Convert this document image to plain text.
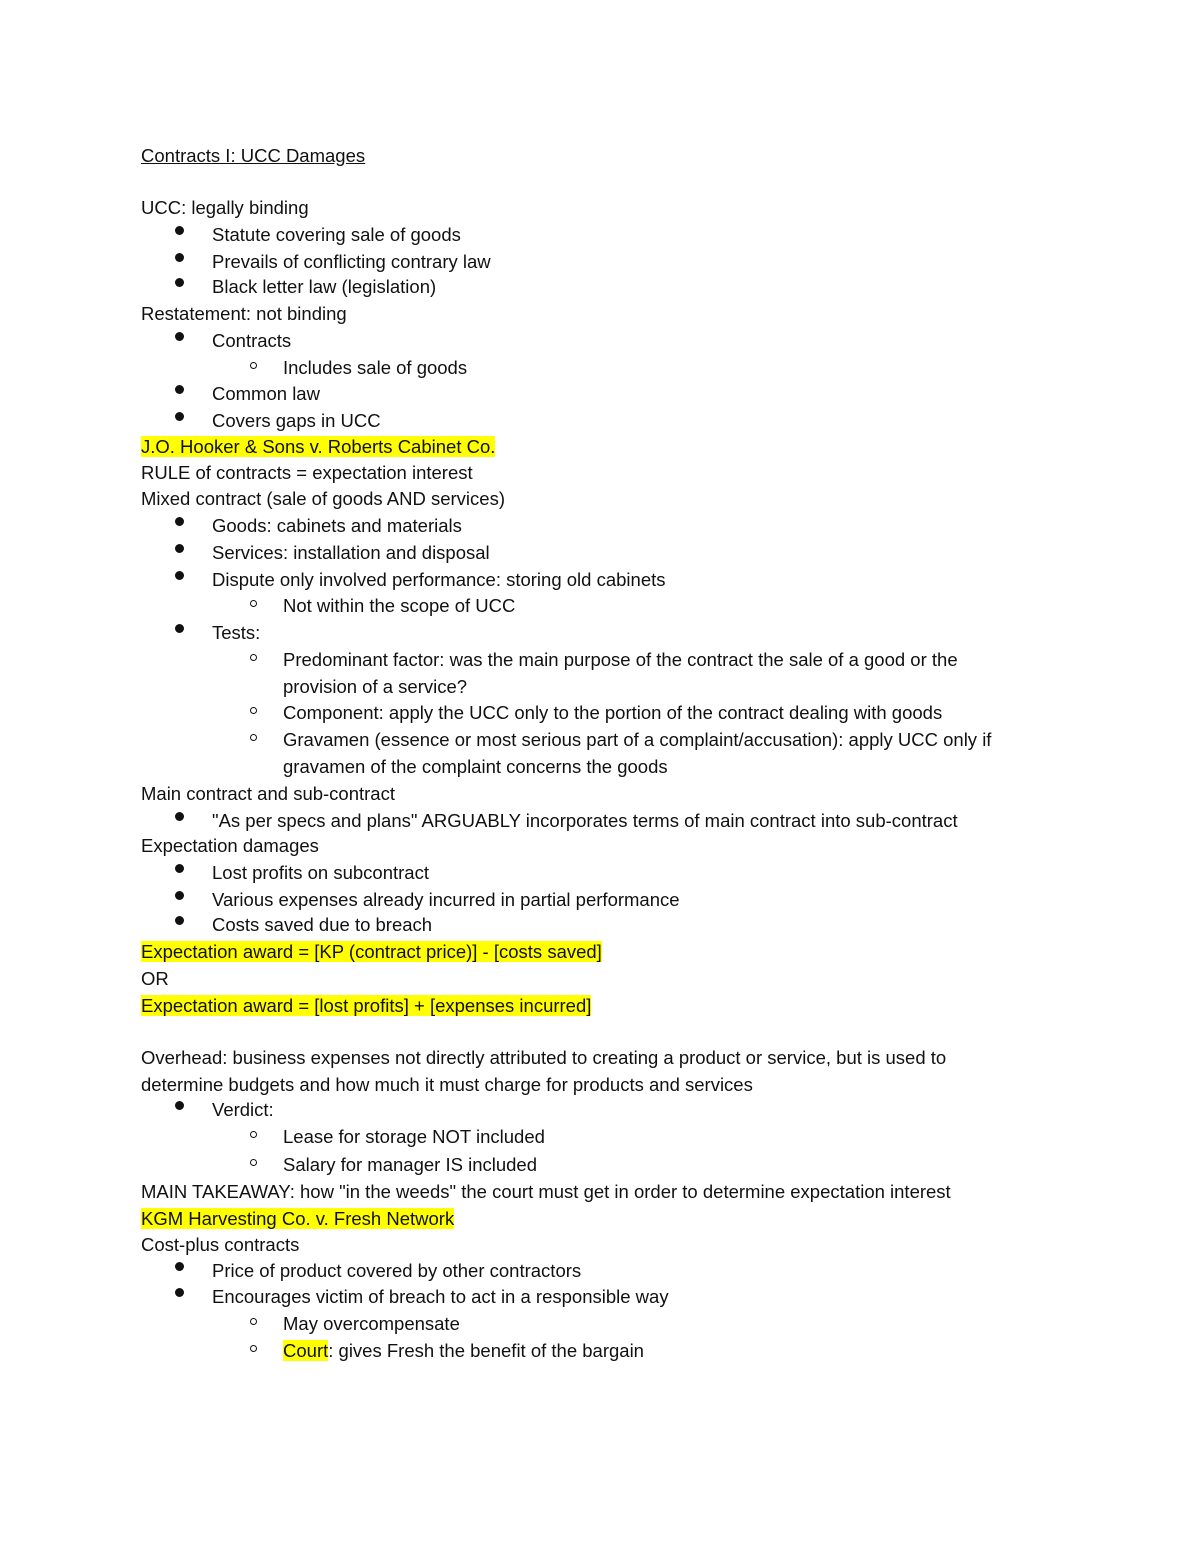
Contracts I: UCC Damages
UCC: legally binding
Statute covering sale of goods
Prevails of conflicting contrary law
Black letter law (legislation)
Restatement: not binding
Contracts
Includes sale of goods
Common law
Covers gaps in UCC
J.O. Hooker & Sons v. Roberts Cabinet Co.
RULE of contracts = expectation interest
Mixed contract (sale of goods AND services)
Goods: cabinets and materials
Services: installation and disposal
Dispute only involved performance: storing old cabinets
Not within the scope of UCC
Tests:
Predominant factor: was the main purpose of the contract the sale of a good or the
provision of a service?
Component: apply the UCC only to the portion of the contract dealing with goods
Gravamen (essence or most serious part of a complaint/accusation): apply UCC only if
gravamen of the complaint concerns the goods
Main contract and sub-contract
"As per specs and plans" ARGUABLY incorporates terms of main contract into sub-contract
Expectation damages
Lost profits on subcontract
Various expenses already incurred in partial performance
Costs saved due to breach
Expectation award = [KP (contract price)] - [costs saved]
OR
Expectation award = [lost profits] + [expenses incurred]
Overhead: business expenses not directly attributed to creating a product or service, but is used to
determine budgets and how much it must charge for products and services
Verdict:
Lease for storage NOT included
Salary for manager IS included
MAIN TAKEAWAY: how "in the weeds" the court must get in order to determine expectation interest
KGM Harvesting Co. v. Fresh Network
Cost-plus contracts
Price of product covered by other contractors
Encourages victim of breach to act in a responsible way
May overcompensate
Court: gives Fresh the benefit of the bargain
